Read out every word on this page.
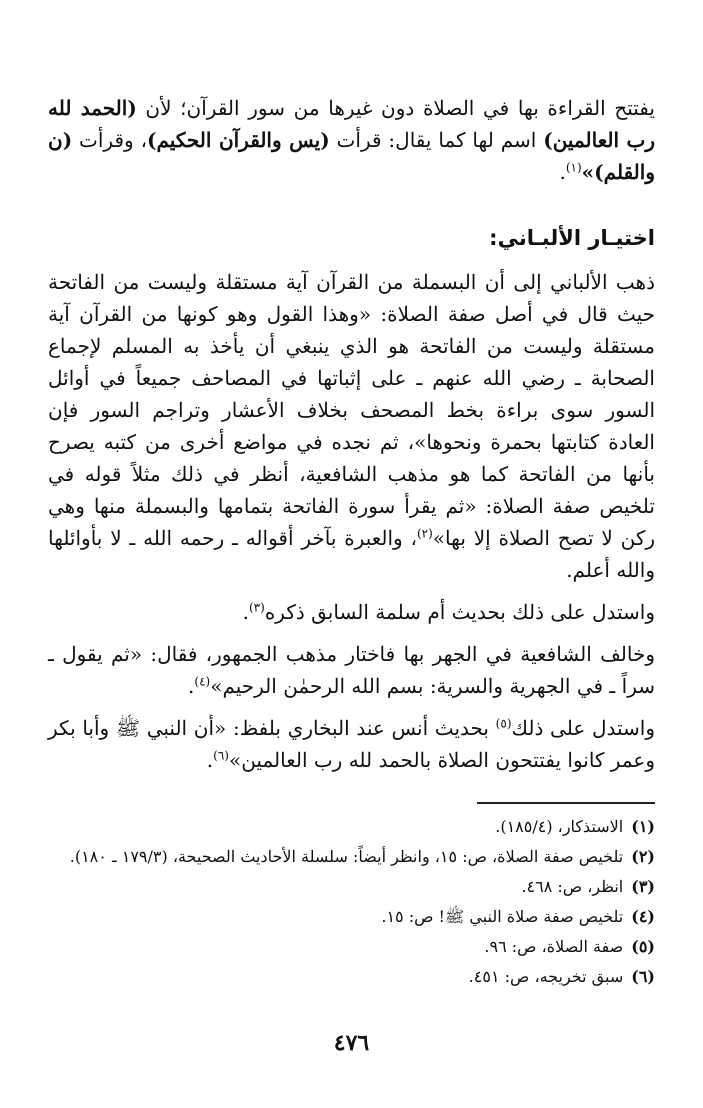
يفتتح القراءة بها في الصلاة دون غيرها من سور القرآن؛ لأن (الحمد لله رب العالمين) اسم لها كما يقال: قرأت (يس والقرآن الحكيم)، وقرأت (ن والقلم)»$^{(١)}$.

اختيـار الألبـاني:

ذهب الألباني إلى أن البسملة من القرآن آية مستقلة وليست من الفاتحة حيث قال في أصل صفة الصلاة: «وهذا القول وهو كونها من القرآن آية مستقلة وليست من الفاتحة هو الذي ينبغي أن يأخذ به المسلم لإجماع الصحابة ـ رضي الله عنهم ـ على إثباتها في المصاحف جميعاً في أوائل السور سوى براءة بخط المصحف بخلاف الأعشار وتراجم السور فإن العادة كتابتها بحمرة ونحوها»، ثم نجده في مواضع أخرى من كتبه يصرح بأنها من الفاتحة كما هو مذهب الشافعية، أنظر في ذلك مثلاً قوله في تلخيص صفة الصلاة: «ثم يقرأ سورة الفاتحة بتمامها والبسملة منها وهي ركن لا تصح الصلاة إلا بها»$^{(٢)}$، والعبرة بآخر أقواله ـ رحمه الله ـ لا بأوائلها والله أعلم.

واستدل على ذلك بحديث أم سلمة السابق ذكره$^{(٣)}$.

وخالف الشافعية في الجهر بها فاختار مذهب الجمهور، فقال: «ثم يقول ـ سراً ـ في الجهرية والسرية: بسم الله الرحمٰن الرحيم»$^{(٤)}$.

واستدل على ذلك$^{(٥)}$ بحديث أنس عند البخاري بلفظ: «أن النبي ﷺ وأبا بكر وعمر كانوا يفتتحون الصلاة بالحمد لله رب العالمين»$^{(٦)}$.

(١)
الاستذكار، (١٨٥/٤).
(٢)
تلخيص صفة الصلاة، ص: ١٥، وانظر أيضاً: سلسلة الأحاديث الصحيحة، (١٧٩/٣ ـ ١٨٠).
(٣)
انظر، ص: ٤٦٨.
(٤)
تلخيص صفة صلاة النبي ﷺ! ص: ١٥.
(٥)
صفة الصلاة، ص: ٩٦.
(٦)
سبق تخريجه، ص: ٤٥١.
٤٧٦
